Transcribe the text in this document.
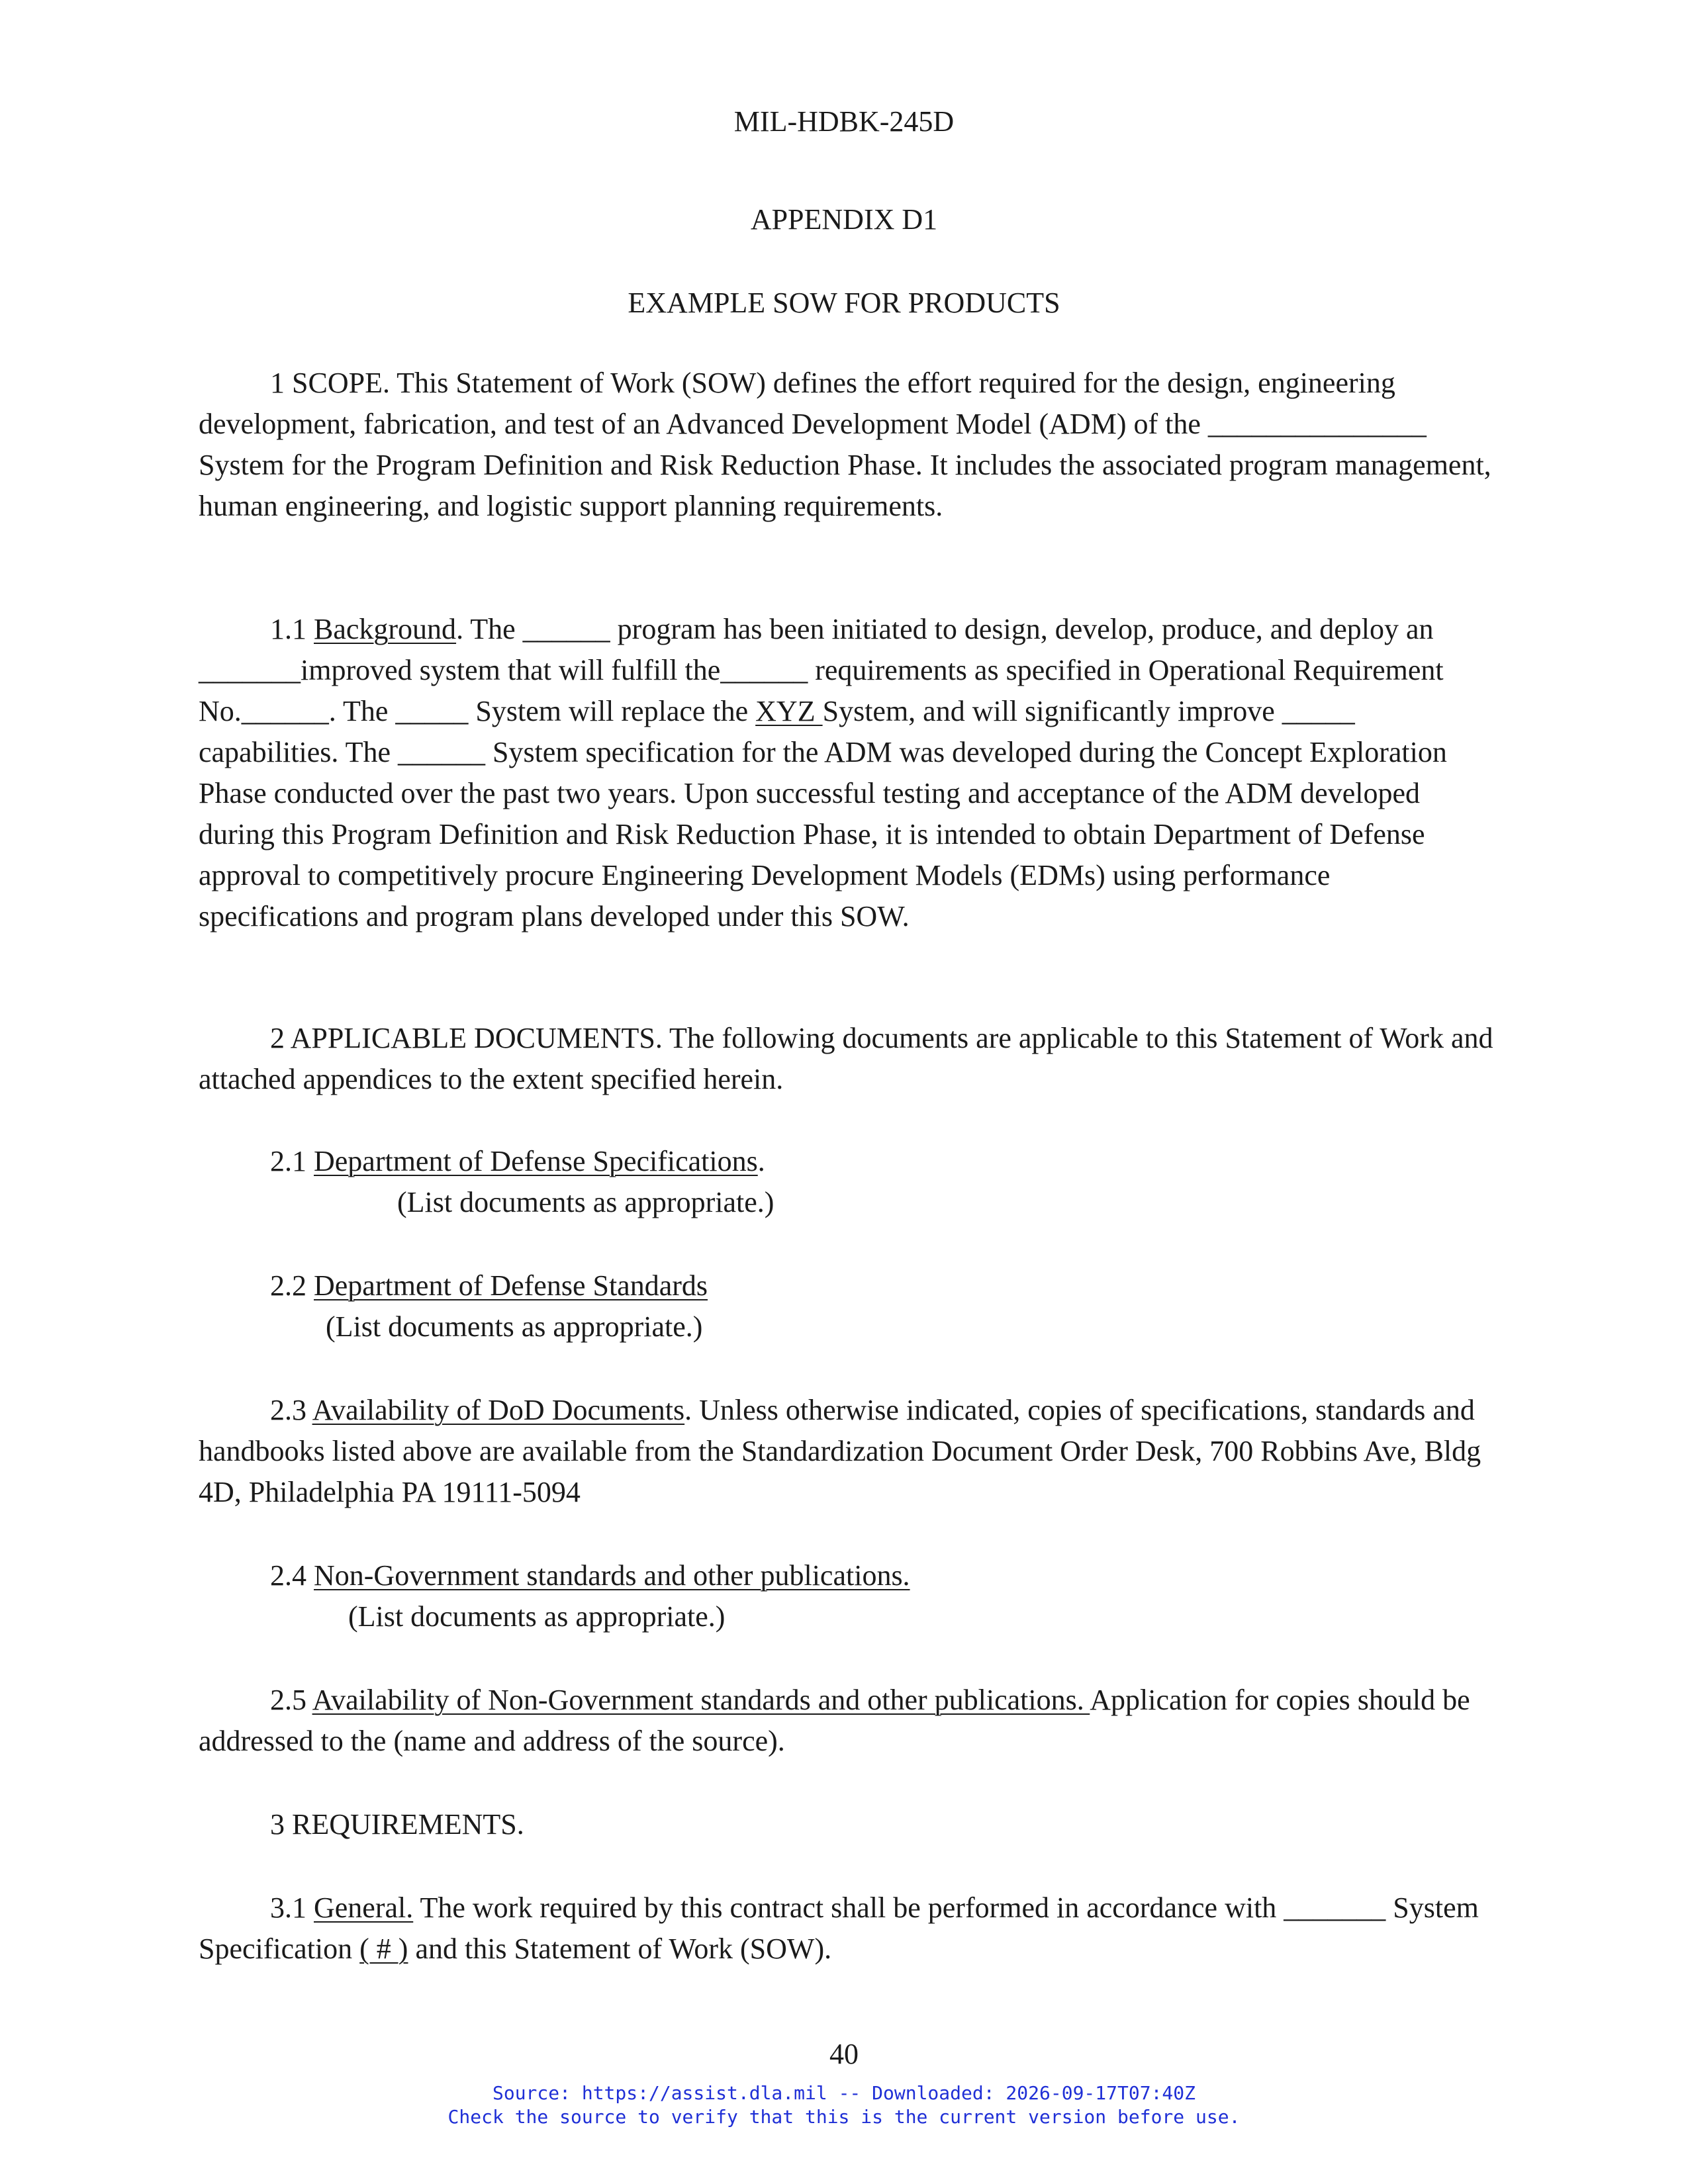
MIL-HDBK-245D
APPENDIX D1
EXAMPLE SOW FOR PRODUCTS

1 SCOPE. This Statement of Work (SOW) defines the effort required for the design, engineering development, fabrication, and test of an Advanced Development Model (ADM) of the _______________ System for the Program Definition and Risk Reduction Phase. It includes the associated program management, human engineering, and logistic support planning requirements.

1.1 Background. The ______ program has been initiated to design, develop, produce, and deploy an _______improved system that will fulfill the______ requirements as specified in Operational Requirement No.______. The _____ System will replace the XYZ System, and will significantly improve _____ capabilities. The ______ System specification for the ADM was developed during the Concept Exploration Phase conducted over the past two years. Upon successful testing and acceptance of the ADM developed during this Program Definition and Risk Reduction Phase, it is intended to obtain Department of Defense approval to competitively procure Engineering Development Models (EDMs) using performance specifications and program plans developed under this SOW.

2 APPLICABLE DOCUMENTS. The following documents are applicable to this Statement of Work and attached appendices to the extent specified herein.

2.1 Department of Defense Specifications.

(List documents as appropriate.)

2.2 Department of Defense Standards

(List documents as appropriate.)

2.3 Availability of DoD Documents. Unless otherwise indicated, copies of specifications, standards and handbooks listed above are available from the Standardization Document Order Desk, 700 Robbins Ave, Bldg 4D, Philadelphia PA 19111-5094

2.4 Non-Government standards and other publications.

(List documents as appropriate.)

2.5 Availability of Non-Government standards and other publications. Application for copies should be addressed to the (name and address of the source).

3 REQUIREMENTS.

3.1 General. The work required by this contract shall be performed in accordance with _______ System Specification ( # ) and this Statement of Work (SOW).

40
Source: https://assist.dla.mil -- Downloaded: 2026-09-17T07:40Z
Check the source to verify that this is the current version before use.
